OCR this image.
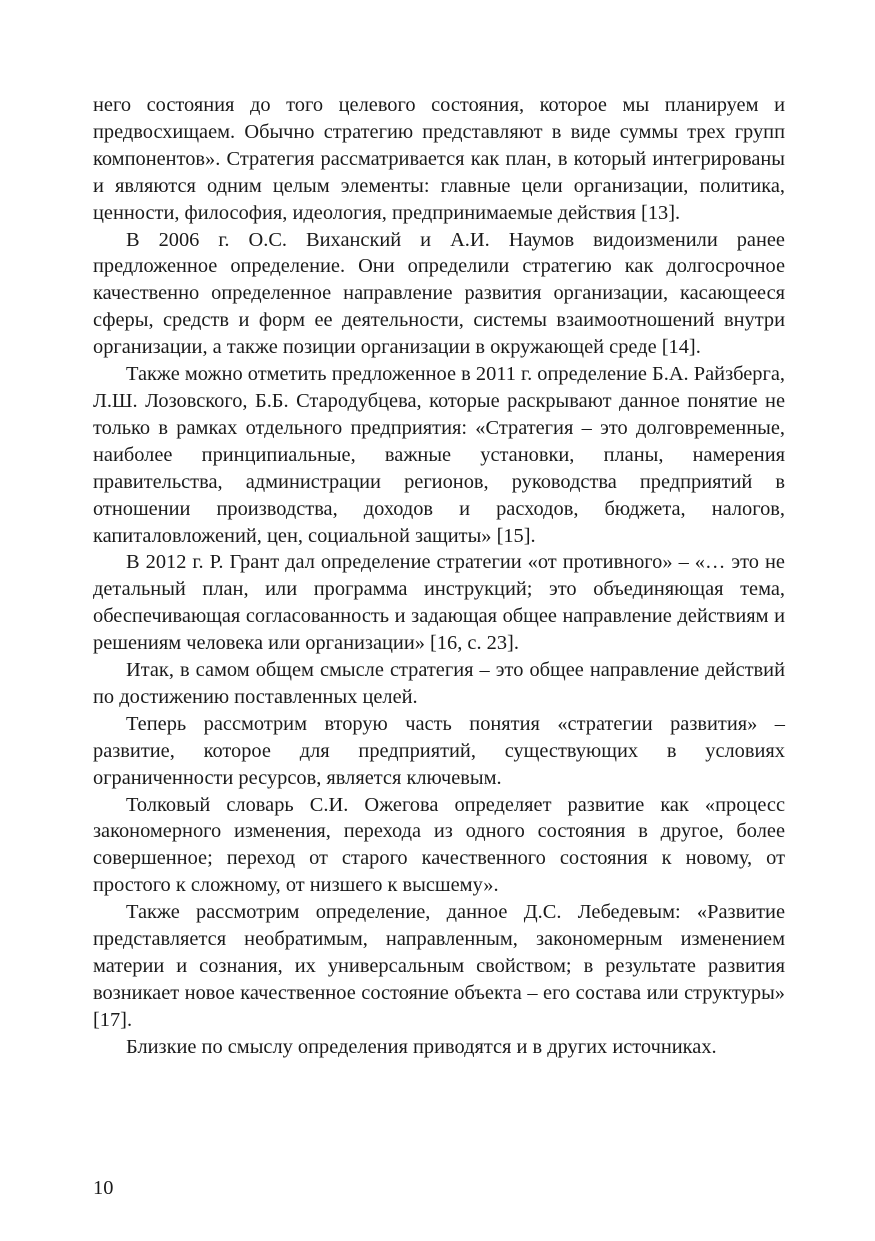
него состояния до того целевого состояния, которое мы планируем и предвосхищаем. Обычно стратегию представляют в виде суммы трех групп компонентов». Стратегия рассматривается как план, в который интегрированы и являются одним целым элементы: главные цели организации, политика, ценности, философия, идеология, предпринимаемые действия [13].

В 2006 г. О.С. Виханский и А.И. Наумов видоизменили ранее предложенное определение. Они определили стратегию как долгосрочное качественно определенное направление развития организации, касающееся сферы, средств и форм ее деятельности, системы взаимоотношений внутри организации, а также позиции организации в окружающей среде [14].

Также можно отметить предложенное в 2011 г. определение Б.А. Райзберга, Л.Ш. Лозовского, Б.Б. Стародубцева, которые раскрывают данное понятие не только в рамках отдельного предприятия: «Стратегия – это долговременные, наиболее принципиальные, важные установки, планы, намерения правительства, администрации регионов, руководства предприятий в отношении производства, доходов и расходов, бюджета, налогов, капиталовложений, цен, социальной защиты» [15].

В 2012 г. Р. Грант дал определение стратегии «от противного» – «… это не детальный план, или программа инструкций; это объединяющая тема, обеспечивающая согласованность и задающая общее направление действиям и решениям человека или организации» [16, с. 23].

Итак, в самом общем смысле стратегия – это общее направление действий по достижению поставленных целей.

Теперь рассмотрим вторую часть понятия «стратегии развития» – развитие, которое для предприятий, существующих в условиях ограниченности ресурсов, является ключевым.

Толковый словарь С.И. Ожегова определяет развитие как «процесс закономерного изменения, перехода из одного состояния в другое, более совершенное; переход от старого качественного состояния к новому, от простого к сложному, от низшего к высшему».

Также рассмотрим определение, данное Д.С. Лебедевым: «Развитие представляется необратимым, направленным, закономерным изменением материи и сознания, их универсальным свойством; в результате развития возникает новое качественное состояние объекта – его состава или структуры» [17].

Близкие по смыслу определения приводятся и в других источниках.

10
